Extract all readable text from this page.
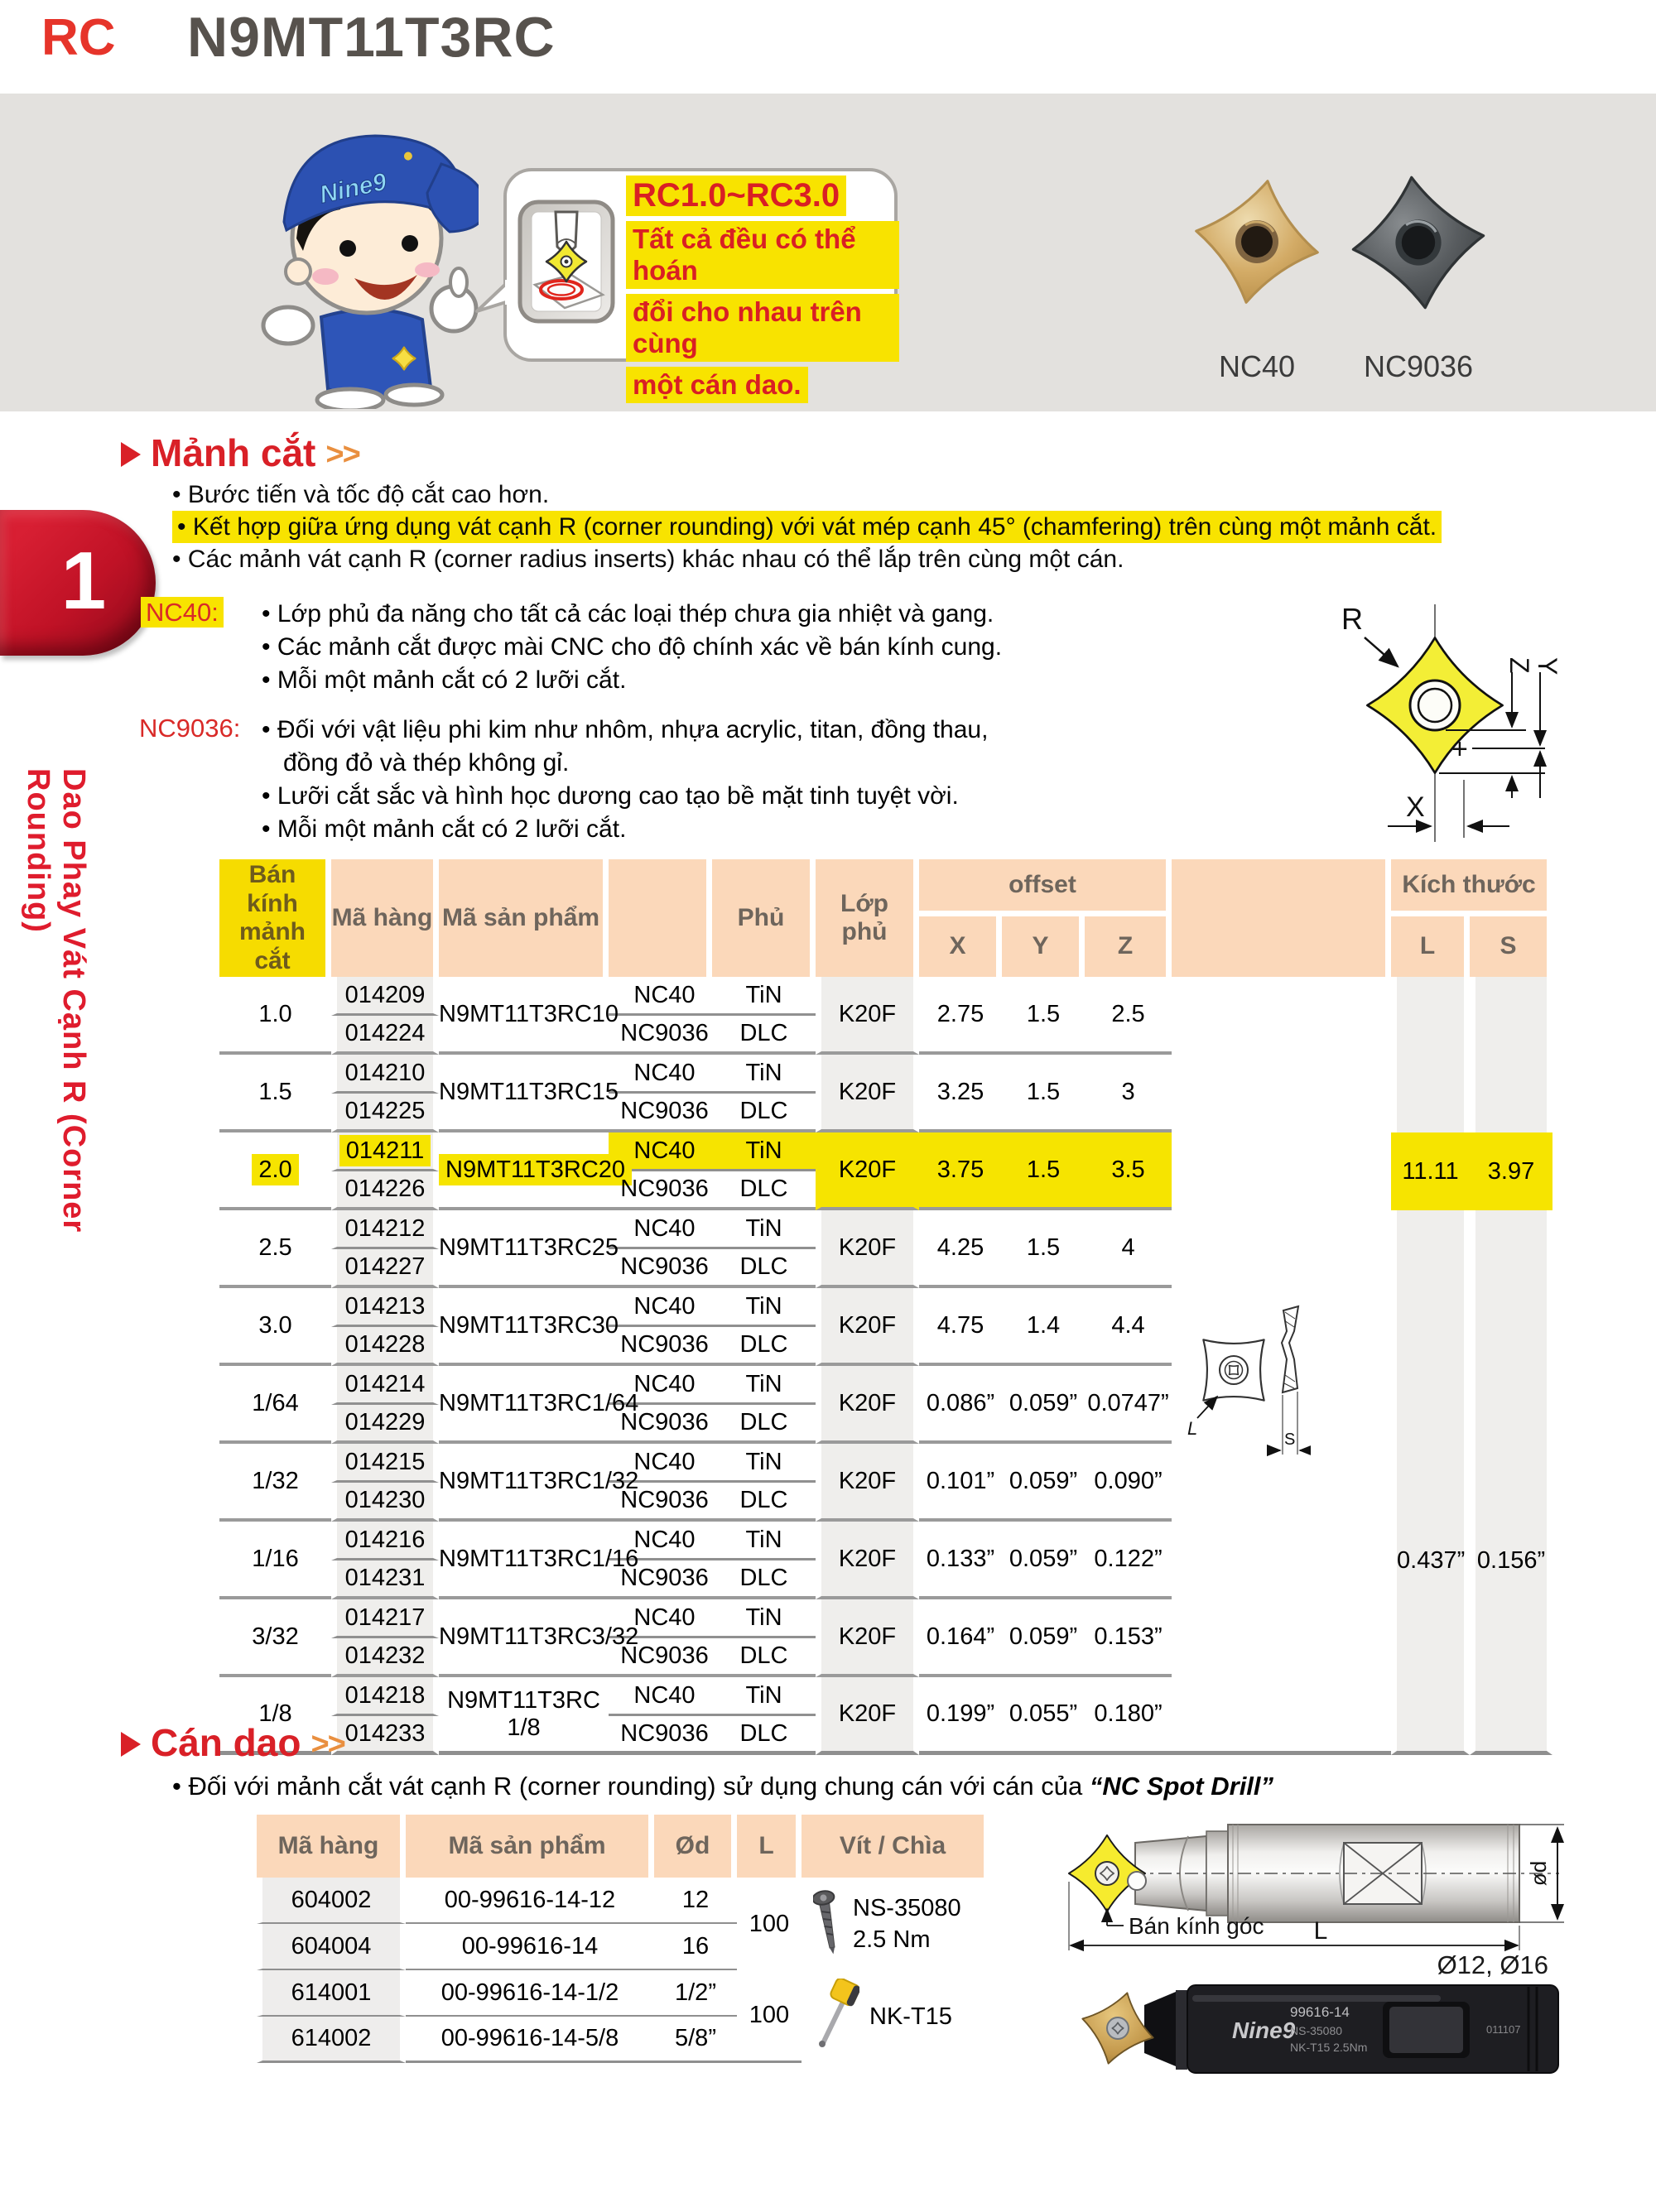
RC N9MT11T3RC
Nine9	RC1.0~RC3.0
Tất cả đều có thể hoán
đổi cho nhau trên cùng
một cán dao.
NC40	NC9036
1
Dao Phay Vát Cạnh R (Corner Rounding)
Mảnh cắt >>
• Bước tiến và tốc độ cắt cao hơn.
• Kết hợp giữa ứng dụng vát cạnh R (corner rounding) với vát mép cạnh 45° (chamfering) trên cùng một mảnh cắt.
• Các mảnh vát cạnh R (corner radius inserts) khác nhau có thể lắp trên cùng một cán.
NC40:	• Lớp phủ đa năng cho tất cả các loại thép chưa gia nhiệt và gang.
• Các mảnh cắt được mài CNC cho độ chính xác về bán kính cung.
• Mỗi một mảnh cắt có 2 lưỡi cắt.
NC9036:	• Đối với vật liệu phi kim như nhôm, nhựa acrylic, titan, đồng thau,
đồng đỏ và thép không gỉ.
• Lưỡi cắt sắc và hình học dương cao tạo bề mặt tinh tuyệt vời.
• Mỗi một mảnh cắt có 2 lưỡi cắt.
R
+
Z
Y
X
Bán kính
mảnh cắt	Mã hàng	Mã sản phẩm		Phủ	Lớp phủ	offset				Kích thước	
						X	Y	Z		L	S
1.0	014209	N9MT11T3RC10	NC40	TiN	K20F	2.75	1.5	2.5			
	014224		NC9036	DLC							
1.5	014210	N9MT11T3RC15	NC40	TiN	K20F	3.25	1.5	3			
	014225		NC9036	DLC							
2.0	014211	N9MT11T3RC20	NC40	TiN	K20F	3.75	1.5	3.5		11.11	3.97
	014226		NC9036	DLC							
2.5	014212	N9MT11T3RC25	NC40	TiN	K20F	4.25	1.5	4			
	014227		NC9036	DLC							
3.0	014213	N9MT11T3RC30	NC40	TiN	K20F	4.75	1.4	4.4			
	014228		NC9036	DLC							
1/64	014214	N9MT11T3RC1/64	NC40	TiN	K20F	0.086”	0.059”	0.0747”			
	014229		NC9036	DLC							
1/32	014215	N9MT11T3RC1/32	NC40	TiN	K20F	0.101”	0.059”	0.090”			
	014230		NC9036	DLC							
1/16	014216	N9MT11T3RC1/16	NC40	TiN	K20F	0.133”	0.059”	0.122”		0.437”	0.156”
	014231		NC9036	DLC							
3/32	014217	N9MT11T3RC3/32	NC40	TiN	K20F	0.164”	0.059”	0.153”			
	014232		NC9036	DLC							
1/8	014218	N9MT11T3RC 1/8	NC40	TiN	K20F	0.199”	0.055”	0.180”			
	014233		NC9036	DLC							
L
S
Cán dao >>
• Đối với mảnh cắt vát cạnh R (corner rounding) sử dụng chung cán với cán của “NC Spot Drill”
Mã hàng	Mã sản phẩm	Ød	L	Vít / Chìa
604002	00-99616-14-12	12	100	NS-35080
2.5 Nm
NK-T15

604004	00-99616-14	16		
614001	00-99616-14-1/2	1/2”	100	
614002	00-99616-14-5/8	5/8”		
ød
Bán kính góc L
Ø12, Ø16
Nine9
99616-14
NS-35080
NK-T15 2.5Nm
011107
